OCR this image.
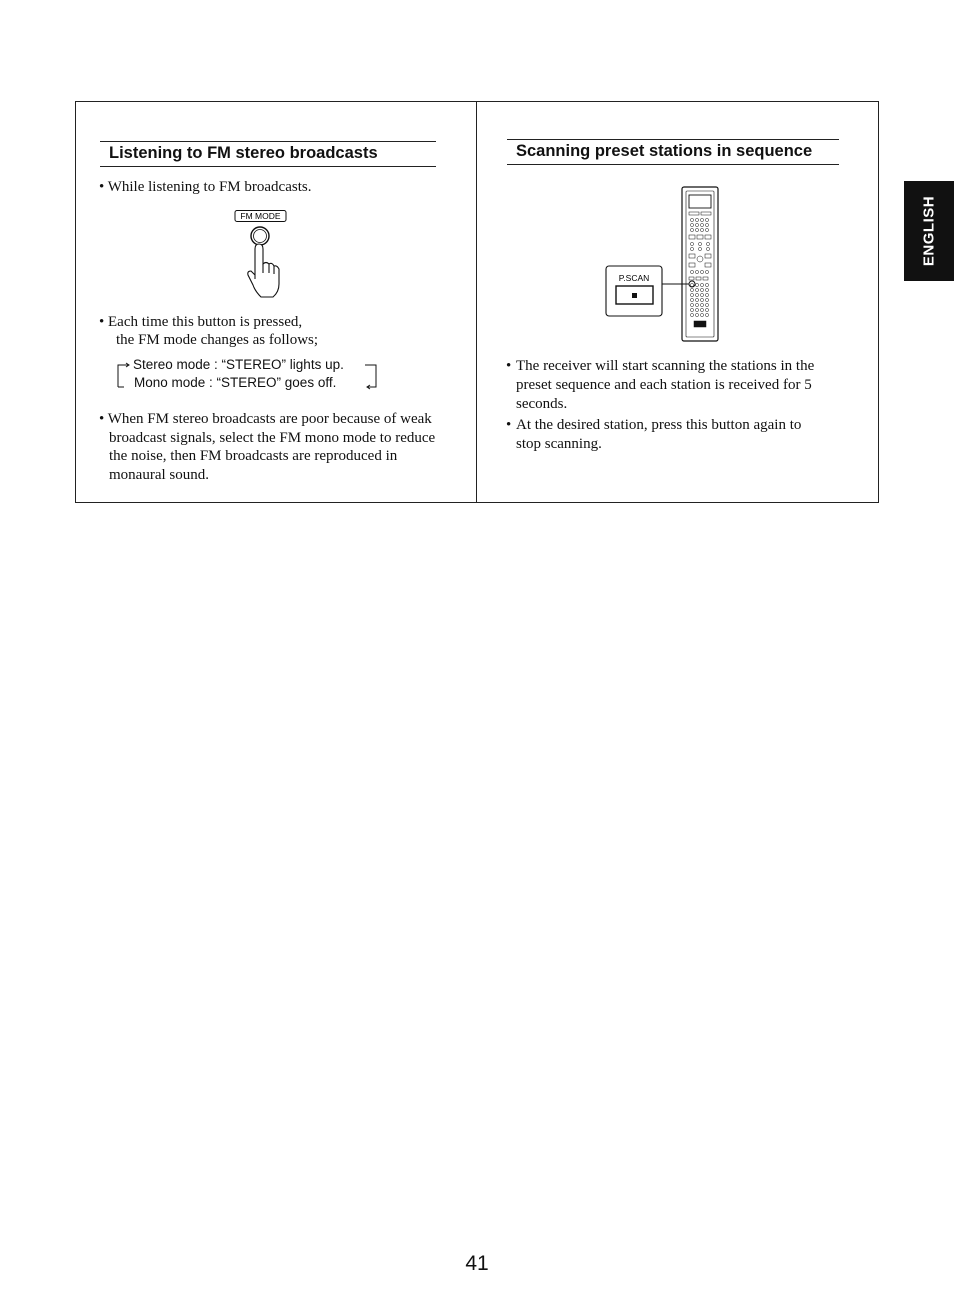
Listening to FM stereo broadcasts

• While listening to FM broadcasts.

FM MODE

• Each time this button is pressed,

the FM mode changes as follows;

Stereo mode : “STEREO” lights up.

Mono mode : “STEREO” goes off.

• When FM stereo broadcasts are poor because of weak
broadcast signals, select the FM mono mode to reduce
the noise, then FM broadcasts are reproduced in
monaural sound.
Scanning preset stations in sequence
P.SCAN
• The receiver will start scanning the stations in the
preset sequence and each station is received for 5
seconds.
• At the desired station, press this button again to
stop scanning.
ENGLISH
41
